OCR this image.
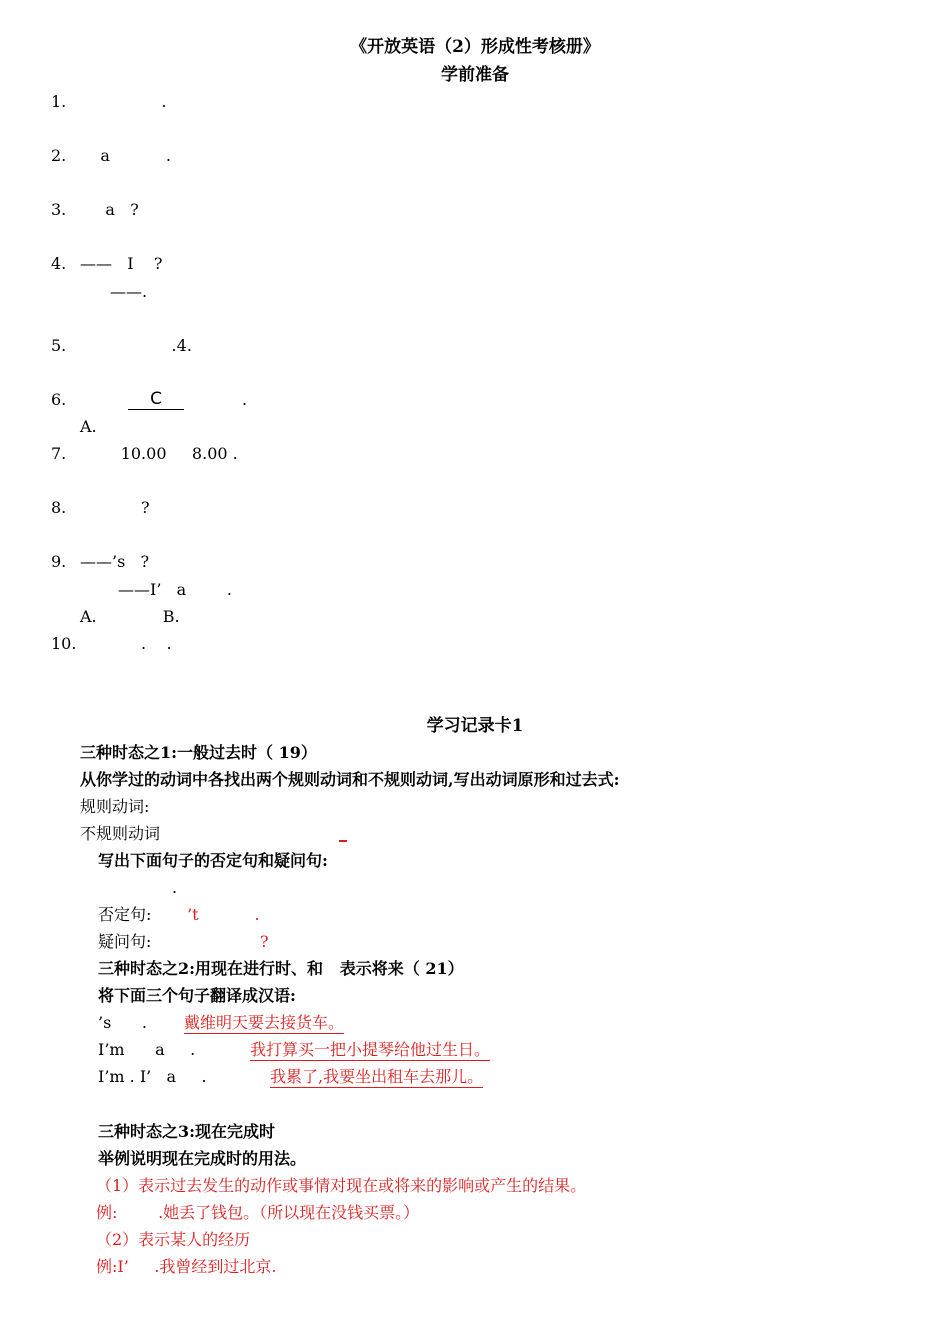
《开放英语（2）形成性考核册》
学前准备
1. .
2. a           .
3. a   ?
4. ——   I    ?
——.
5. .4.
6.	C	.
A.
7. 10.00     8.00 .
8. ?
9. ——’s   ?
——I’   a        .
A.             B.
10. .    .
学习记录卡1
三种时态之1:一般过去时（ 19）
从你学过的动词中各找出两个规则动词和不规则动词,写出动词原形和过去式:
规则动词:
不规则动词
写出下面句子的否定句和疑问句:
.
否定句: ’t           .
疑问句:	?
三种时态之2:用现在进行时、和   表示将来（ 21）
将下面三个句子翻译成汉语:
’s      . 戴维明天要去接货车。
I’m      a     .	我打算买一把小提琴给他过生日。
I’m . I’   a     .	我累了,我要坐出租车去那儿。
三种时态之3:现在完成时
举例说明现在完成时的用法。
（1）表示过去发生的动作或事情对现在或将来的影响或产生的结果。
例:        .她丢了钱包。（所以现在没钱买票。）
（2）表示某人的经历
例:I’     .我曾经到过北京.
